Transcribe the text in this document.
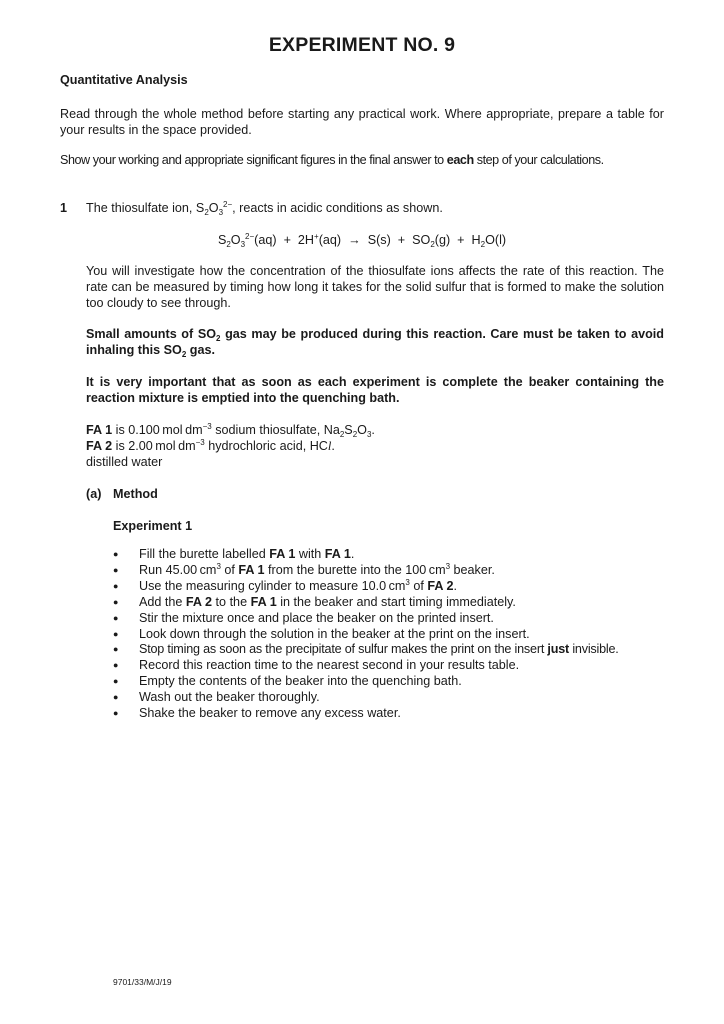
EXPERIMENT NO. 9

Quantitative Analysis

Read through the whole method before starting any practical work. Where appropriate, prepare a table for your results in the space provided.

Show your working and appropriate significant figures in the final answer to each step of your calculations.

1 The thiosulfate ion, $S_2O_3^{2-}$, reacts in acidic conditions as shown.

$S_2O_3^{2-}(aq) + 2H^+(aq) \to S(s) + SO_2(g) + H_2O(l)$

You will investigate how the concentration of the thiosulfate ions affects the rate of this reaction. The rate can be measured by timing how long it takes for the solid sulfur that is formed to make the solution too cloudy to see through.

Small amounts of $SO_2$ gas may be produced during this reaction. Care must be taken to avoid inhaling this $SO_2$ gas.

It is very important that as soon as each experiment is complete the beaker containing the reaction mixture is emptied into the quenching bath.

FA 1 is 0.100 mol $dm^{-3}$ sodium thiosulfate, $Na_2S_2O_3$.
FA 2 is 2.00 mol $dm^{-3}$ hydrochloric acid, HCl.
distilled water

(a) Method

Experiment 1

● Fill the burette labelled FA 1 with FA 1.
● Run 45.00 $cm^3$ of FA 1 from the burette into the 100 $cm^3$ beaker.
● Use the measuring cylinder to measure 10.0 $cm^3$ of FA 2.
● Add the FA 2 to the FA 1 in the beaker and start timing immediately.
● Stir the mixture once and place the beaker on the printed insert.
● Look down through the solution in the beaker at the print on the insert.
● Stop timing as soon as the precipitate of sulfur makes the print on the insert just invisible.
● Record this reaction time to the nearest second in your results table.
● Empty the contents of the beaker into the quenching bath.
● Wash out the beaker thoroughly.
● Shake the beaker to remove any excess water.

9701/33/M/J/19
